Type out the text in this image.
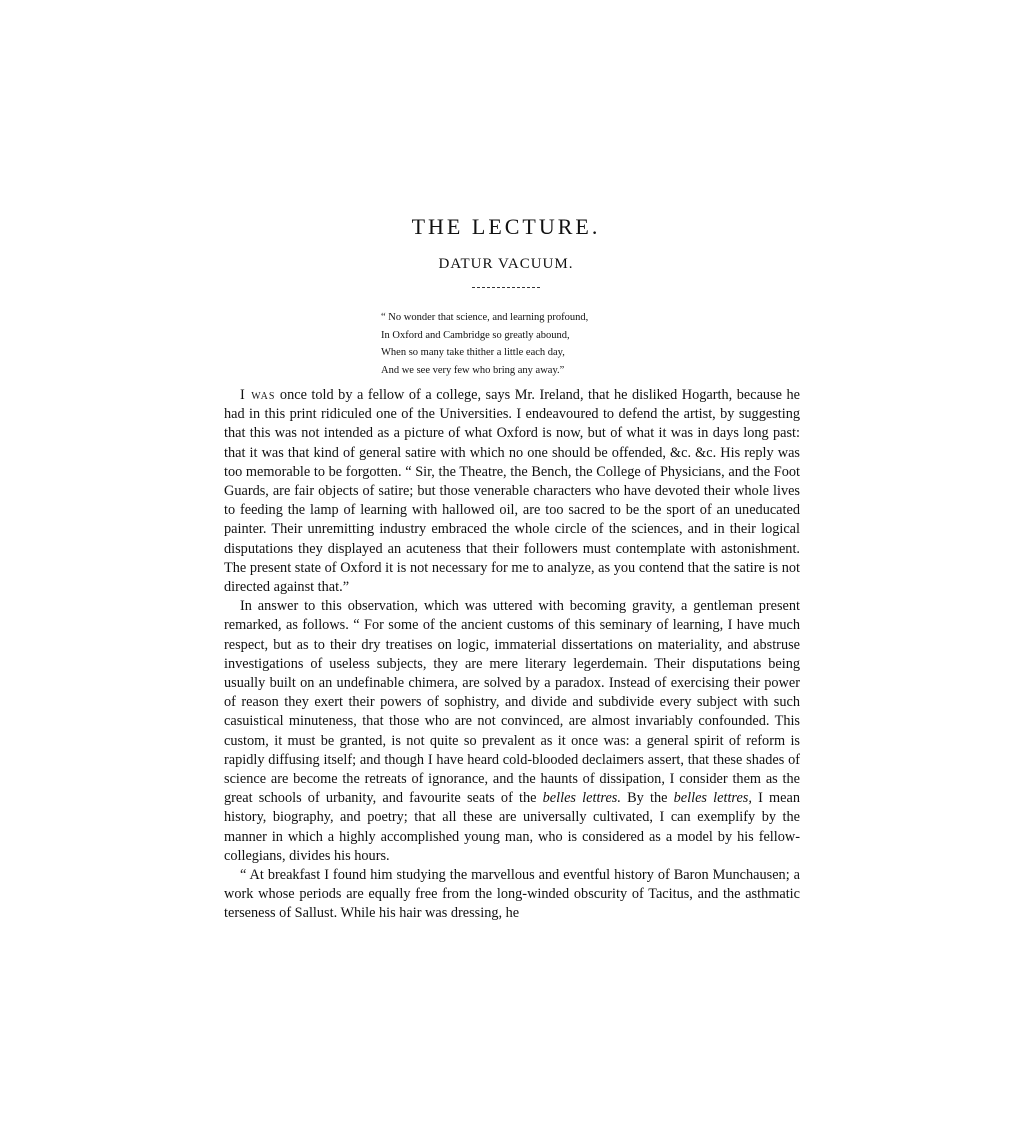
THE LECTURE.
DATUR VACUUM.
“ No wonder that science, and learning profound,
In Oxford and Cambridge so greatly abound,
When so many take thither a little each day,
And we see very few who bring any away.”

I was once told by a fellow of a college, says Mr. Ireland, that he disliked Hogarth, because he had in this print ridiculed one of the Universities. I endeavoured to defend the artist, by suggesting that this was not intended as a picture of what Oxford is now, but of what it was in days long past: that it was that kind of general satire with which no one should be offended, &c. &c. His reply was too memorable to be forgotten. “ Sir, the Theatre, the Bench, the College of Physicians, and the Foot Guards, are fair objects of satire; but those venerable characters who have devoted their whole lives to feeding the lamp of learning with hallowed oil, are too sacred to be the sport of an uneducated painter. Their unremitting industry embraced the whole circle of the sciences, and in their logical disputations they displayed an acuteness that their followers must contemplate with astonishment. The present state of Oxford it is not necessary for me to analyze, as you contend that the satire is not directed against that.”

In answer to this observation, which was uttered with becoming gravity, a gentleman present remarked, as follows. “ For some of the ancient customs of this seminary of learning, I have much respect, but as to their dry treatises on logic, immaterial dissertations on materiality, and abstruse investigations of useless subjects, they are mere literary legerdemain. Their disputations being usually built on an undefinable chimera, are solved by a paradox. Instead of exercising their power of reason they exert their powers of sophistry, and divide and subdivide every subject with such casuistical minuteness, that those who are not convinced, are almost invariably confounded. This custom, it must be granted, is not quite so prevalent as it once was: a general spirit of reform is rapidly diffusing itself; and though I have heard cold-blooded declaimers assert, that these shades of science are become the retreats of ignorance, and the haunts of dissipation, I consider them as the great schools of urbanity, and favourite seats of the belles lettres. By the belles lettres, I mean history, biography, and poetry; that all these are universally cultivated, I can exemplify by the manner in which a highly accomplished young man, who is considered as a model by his fellow-collegians, divides his hours.

“ At breakfast I found him studying the marvellous and eventful history of Baron Munchausen; a work whose periods are equally free from the long-winded obscurity of Tacitus, and the asthmatic terseness of Sallust. While his hair was dressing, he
